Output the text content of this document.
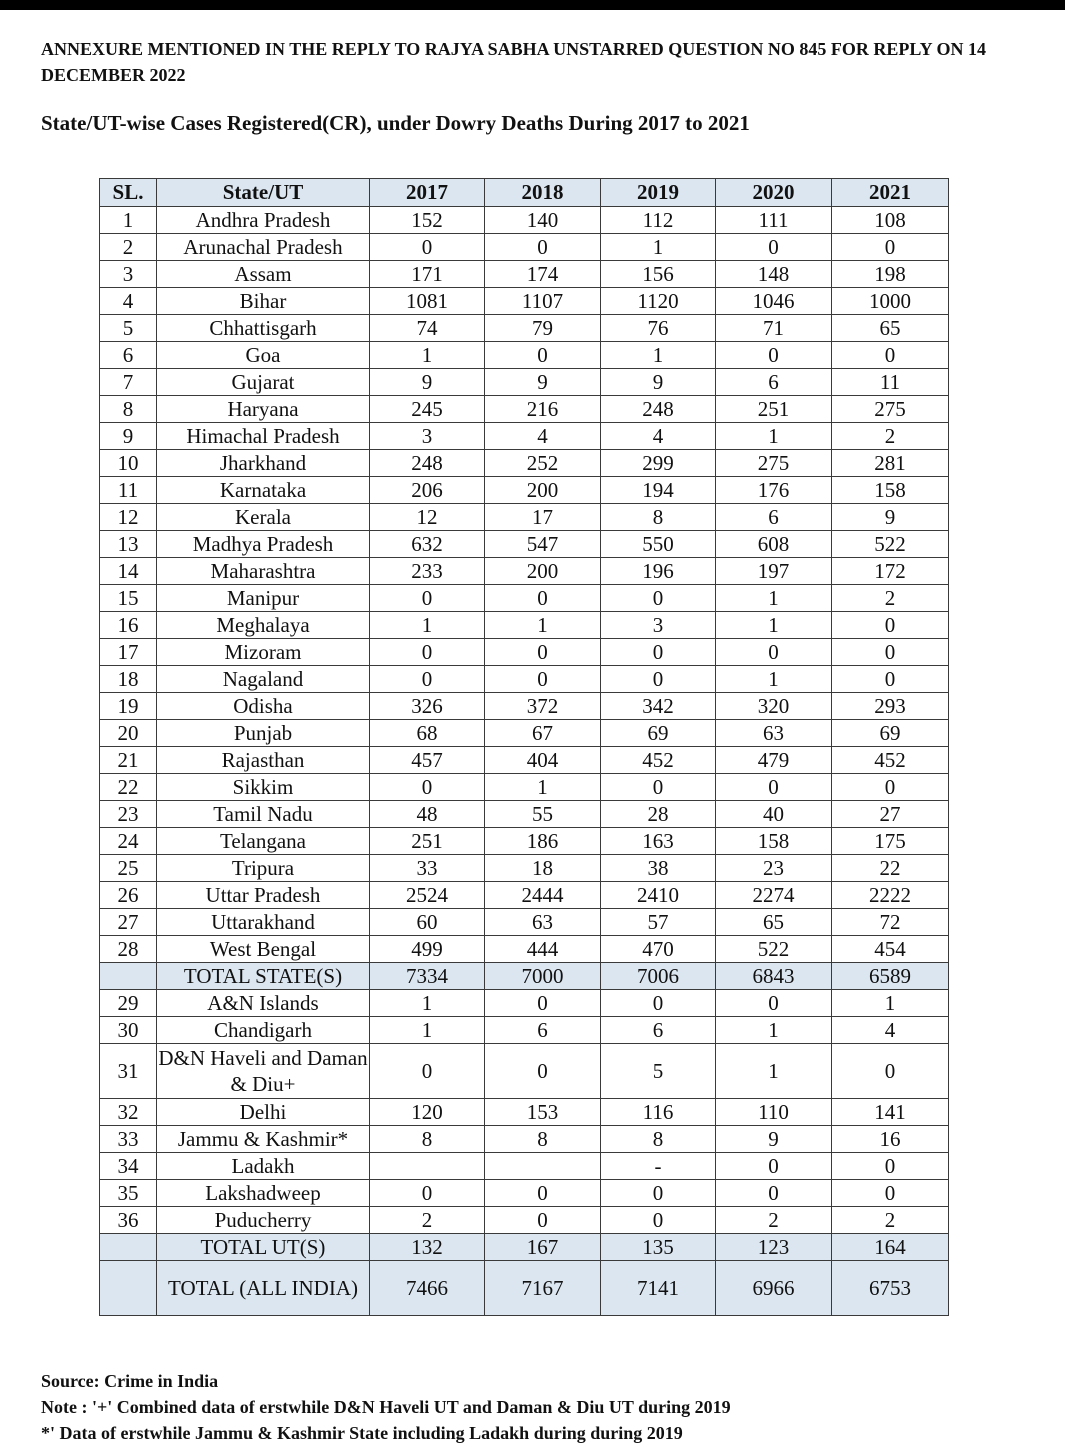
ANNEXURE MENTIONED IN THE REPLY TO RAJYA SABHA UNSTARRED QUESTION NO 845 FOR REPLY ON 14 DECEMBER 2022
State/UT-wise Cases Registered(CR), under Dowry Deaths During 2017 to 2021
SL.	State/UT	2017	2018	2019	2020	2021
1	Andhra Pradesh	152	140	112	111	108
2	Arunachal Pradesh	0	0	1	0	0
3	Assam	171	174	156	148	198
4	Bihar	1081	1107	1120	1046	1000
5	Chhattisgarh	74	79	76	71	65
6	Goa	1	0	1	0	0
7	Gujarat	9	9	9	6	11
8	Haryana	245	216	248	251	275
9	Himachal Pradesh	3	4	4	1	2
10	Jharkhand	248	252	299	275	281
11	Karnataka	206	200	194	176	158
12	Kerala	12	17	8	6	9
13	Madhya Pradesh	632	547	550	608	522
14	Maharashtra	233	200	196	197	172
15	Manipur	0	0	0	1	2
16	Meghalaya	1	1	3	1	0
17	Mizoram	0	0	0	0	0
18	Nagaland	0	0	0	1	0
19	Odisha	326	372	342	320	293
20	Punjab	68	67	69	63	69
21	Rajasthan	457	404	452	479	452
22	Sikkim	0	1	0	0	0
23	Tamil Nadu	48	55	28	40	27
24	Telangana	251	186	163	158	175
25	Tripura	33	18	38	23	22
26	Uttar Pradesh	2524	2444	2410	2274	2222
27	Uttarakhand	60	63	57	65	72
28	West Bengal	499	444	470	522	454
	TOTAL STATE(S)	7334	7000	7006	6843	6589
29	A&N Islands	1	0	0	0	1
30	Chandigarh	1	6	6	1	4
31	D&N Haveli and Daman & Diu+	0	0	5	1	0
32	Delhi	120	153	116	110	141
33	Jammu & Kashmir*	8	8	8	9	16
34	Ladakh			-	0	0
35	Lakshadweep	0	0	0	0	0
36	Puducherry	2	0	0	2	2
	TOTAL UT(S)	132	167	135	123	164
	TOTAL (ALL INDIA)	7466	7167	7141	6966	6753
Source: Crime in India
Note : '+' Combined data of erstwhile D&N Haveli UT and Daman & Diu UT during 2019
*' Data of erstwhile Jammu & Kashmir State including Ladakh during during 2019
